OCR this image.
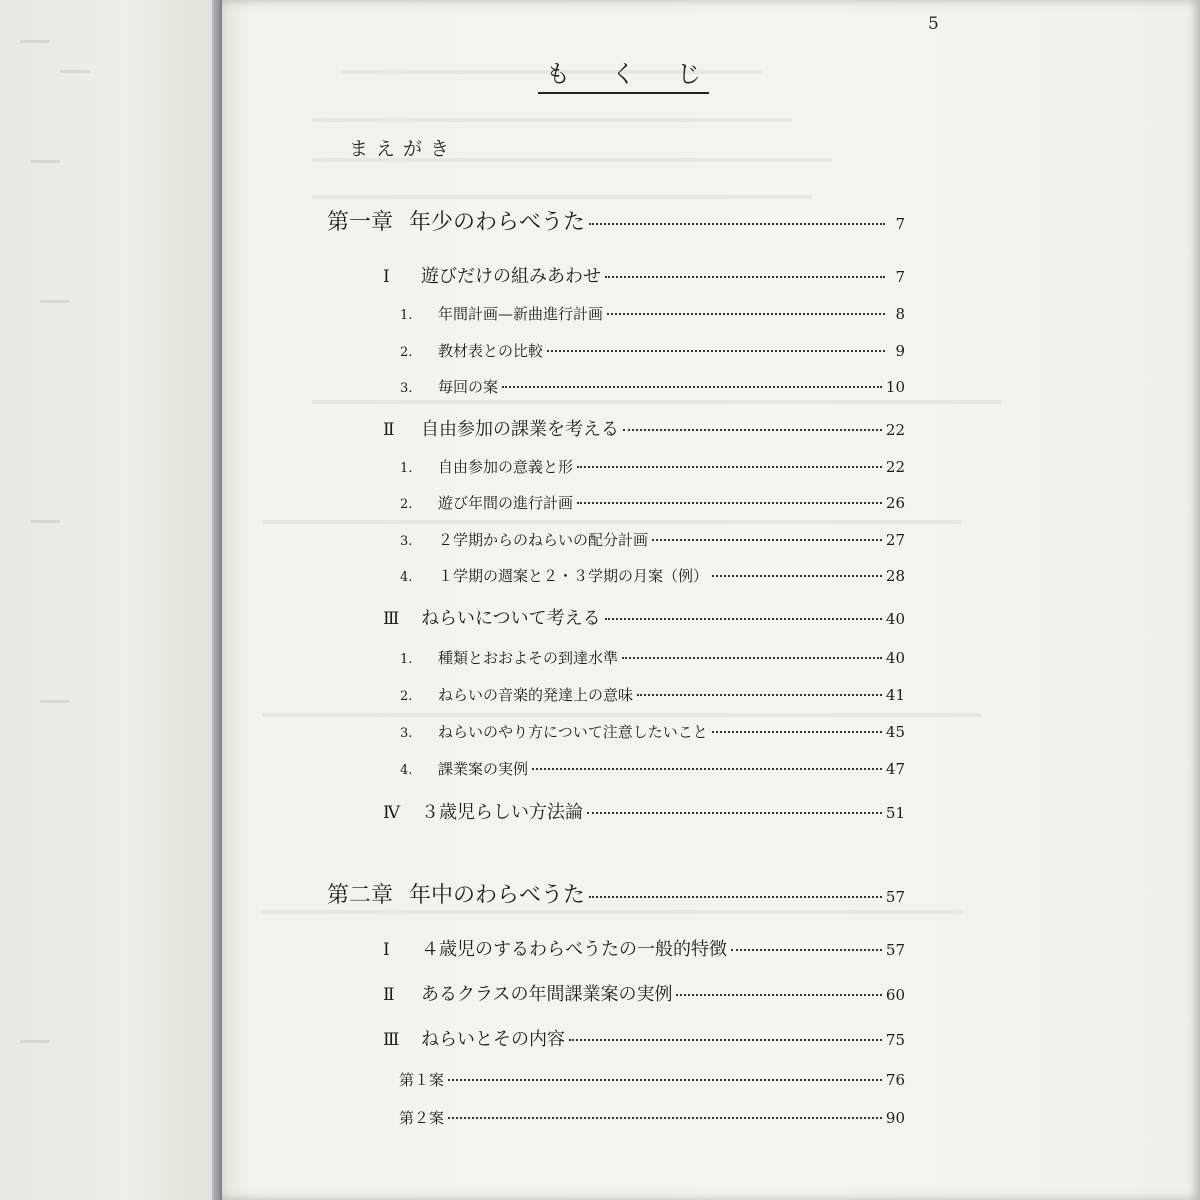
5
も く じ
まえがき
第一章 年少のわらべうた	7
Ⅰ	遊びだけの組みあわせ	7
1.	年間計画—新曲進行計画	8
2.	教材表との比較	9
3.	毎回の案	10
Ⅱ	自由参加の課業を考える	22
1.	自由参加の意義と形	22
2.	遊び年間の進行計画	26
3.	２学期からのねらいの配分計画	27
4.	１学期の週案と２・３学期の月案（例）	28
Ⅲ	ねらいについて考える	40
1.	種類とおおよその到達水準	40
2.	ねらいの音楽的発達上の意味	41
3.	ねらいのやり方について注意したいこと	45
4.	課業案の実例	47
Ⅳ	３歳児らしい方法論	51
第二章 年中のわらべうた	57
Ⅰ	４歳児のするわらべうたの一般的特徴	57
Ⅱ	あるクラスの年間課業案の実例	60
Ⅲ	ねらいとその内容	75
第１案	76
第２案	90
